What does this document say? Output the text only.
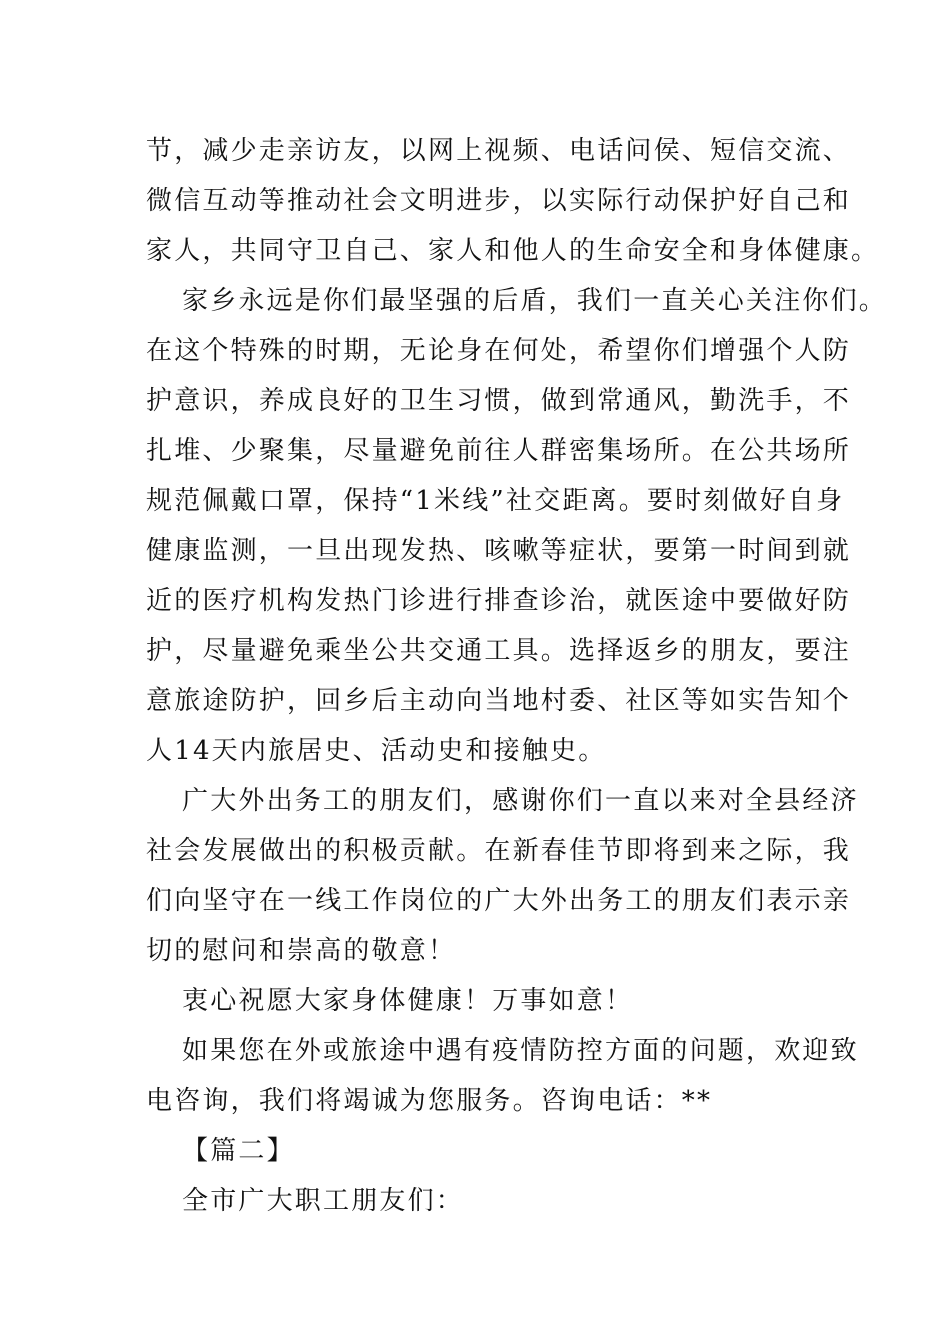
节，减少走亲访友，以网上视频、电话问侯、短信交流、
微信互动等推动社会文明进步，以实际行动保护好自己和
家人，共同守卫自己、家人和他人的生命安全和身体健康。
家乡永远是你们最坚强的后盾，我们一直关心关注你们。
在这个特殊的时期，无论身在何处，希望你们增强个人防
护意识，养成良好的卫生习惯，做到常通风，勤洗手，不
扎堆、少聚集，尽量避免前往人群密集场所。在公共场所
规范佩戴口罩，保持“1米线”社交距离。要时刻做好自身
健康监测，一旦出现发热、咳嗽等症状，要第一时间到就
近的医疗机构发热门诊进行排查诊治，就医途中要做好防
护，尽量避免乘坐公共交通工具。选择返乡的朋友，要注
意旅途防护，回乡后主动向当地村委、社区等如实告知个
人14天内旅居史、活动史和接触史。
广大外出务工的朋友们，感谢你们一直以来对全县经济
社会发展做出的积极贡献。在新春佳节即将到来之际，我
们向坚守在一线工作岗位的广大外出务工的朋友们表示亲
切的慰问和崇高的敬意！
衷心祝愿大家身体健康！万事如意！
如果您在外或旅途中遇有疫情防控方面的问题，欢迎致
电咨询，我们将竭诚为您服务。咨询电话：**
【篇二】
全市广大职工朋友们：
